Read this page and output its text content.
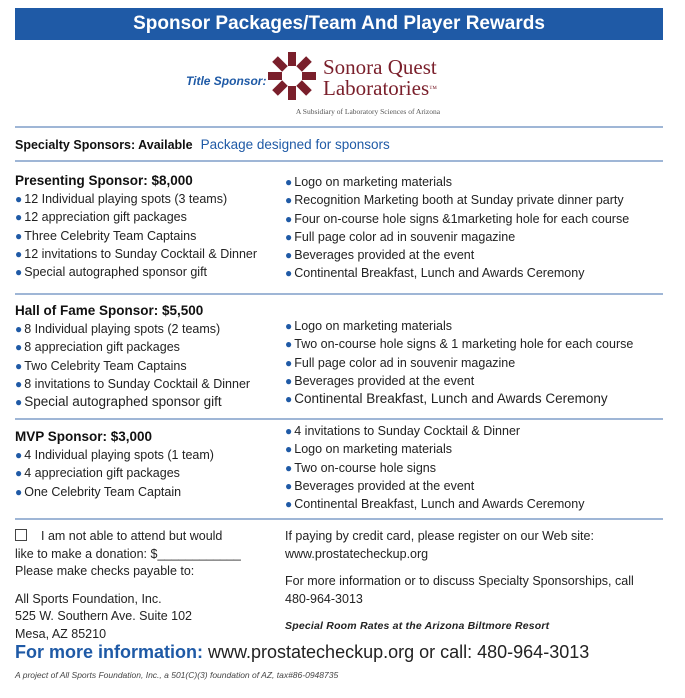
Sponsor Packages/Team And Player Rewards
Title Sponsor:
Sonora Quest
Laboratories™
A Subsidiary of Laboratory Sciences of Arizona
Specialty Sponsors: Available Package designed for sponsors
Presenting Sponsor: $8,000
● 12 Individual playing spots (3 teams)
● 12 appreciation gift packages
● Three Celebrity Team Captains
● 12 invitations to Sunday Cocktail & Dinner
● Special autographed sponsor gift
● Logo on marketing materials
● Recognition Marketing booth at Sunday private dinner party
● Four on-course hole signs &1marketing hole for each course
● Full page color ad in souvenir magazine
● Beverages provided at the event
● Continental Breakfast, Lunch and Awards Ceremony
Hall of Fame Sponsor: $5,500
● 8 Individual playing spots (2 teams)
● 8 appreciation gift packages
● Two Celebrity Team Captains
● 8 invitations to Sunday Cocktail & Dinner
● Special autographed sponsor gift
● Logo on marketing materials
● Two on-course hole signs & 1 marketing hole for each course
● Full page color ad in souvenir magazine
● Beverages provided at the event
● Continental Breakfast, Lunch and Awards Ceremony
MVP Sponsor: $3,000
● 4 Individual playing spots (1 team)
● 4 appreciation gift packages
● One Celebrity Team Captain
● 4 invitations to Sunday Cocktail & Dinner
● Logo on marketing materials
● Two on-course hole signs
● Beverages provided at the event
● Continental Breakfast, Lunch and Awards Ceremony
I am not able to attend but would
like to make a donation: $____________
Please make checks payable to:
All Sports Foundation, Inc.
525 W. Southern Ave. Suite 102
Mesa, AZ 85210
If paying by credit card, please register on our Web site:
www.prostatecheckup.org
For more information or to discuss Specialty Sponsorships, call
480-964-3013
Special Room Rates at the Arizona Biltmore Resort
For more information: www.prostatecheckup.org or call: 480-964-3013
A project of All Sports Foundation, Inc., a 501(C)(3) foundation of AZ, tax#86-0948735
